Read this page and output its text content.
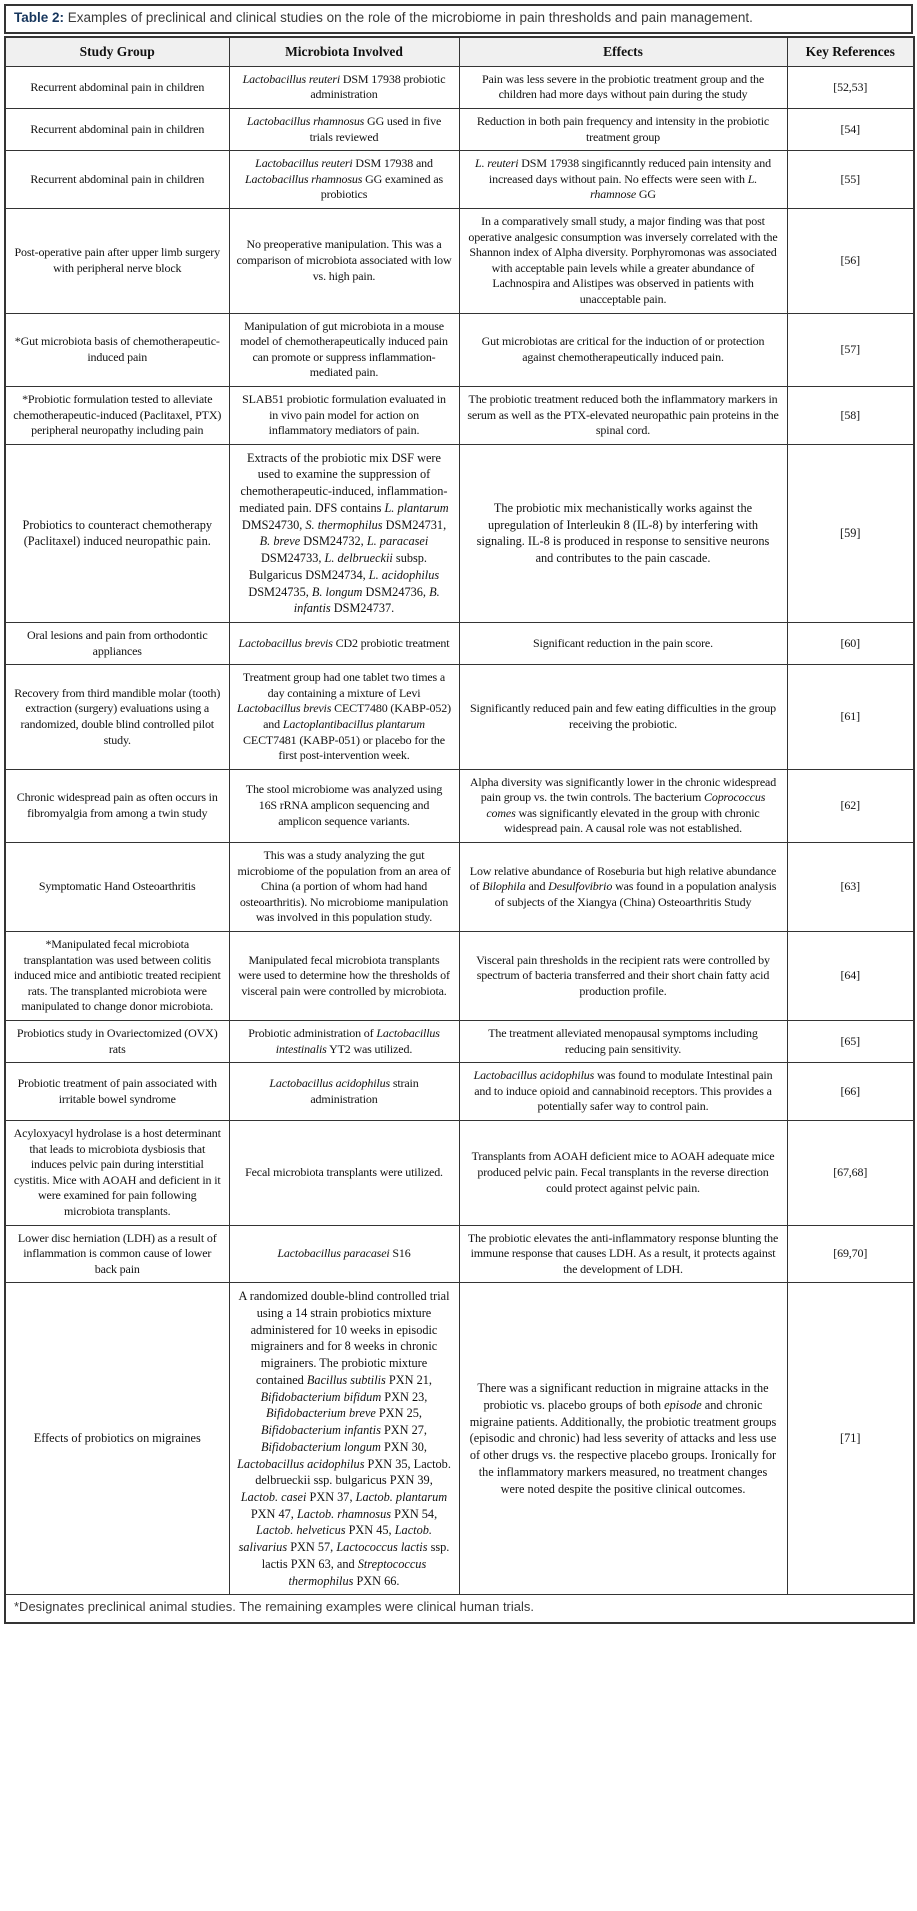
Table 2: Examples of preclinical and clinical studies on the role of the microbiome in pain thresholds and pain management.
Study Group	Microbiota Involved	Effects	Key References
Recurrent abdominal pain in children	Lactobacillus reuteri DSM 17938 probiotic administration	Pain was less severe in the probiotic treatment group and the children had more days without pain during the study	[52,53]
Recurrent abdominal pain in children	Lactobacillus rhamnosus GG used in five trials reviewed	Reduction in both pain frequency and intensity in the probiotic treatment group	[54]
Recurrent abdominal pain in children	Lactobacillus reuteri DSM 17938 and Lactobacillus rhamnosus GG examined as probiotics	L. reuteri DSM 17938 singificanntly reduced pain intensity and increased days without pain. No effects were seen with L. rhamnose GG	[55]
Post-operative pain after upper limb surgery with peripheral nerve block	No preoperative manipulation. This was a comparison of microbiota associated with low vs. high pain.	In a comparatively small study, a major finding was that post operative analgesic consumption was inversely correlated with the Shannon index of Alpha diversity. Porphyromonas was associated with acceptable pain levels while a greater abundance of Lachnospira and Alistipes was observed in patients with unacceptable pain.	[56]
*Gut microbiota basis of chemotherapeutic-induced pain	Manipulation of gut microbiota in a mouse model of chemotherapeutically induced pain can promote or suppress inflammation-mediated pain.	Gut microbiotas are critical for the induction of or protection against chemotherapeutically induced pain.	[57]
*Probiotic formulation tested to alleviate chemotherapeutic-induced (Paclitaxel, PTX) peripheral neuropathy including pain	SLAB51 probiotic formulation evaluated in in vivo pain model for action on inflammatory mediators of pain.	The probiotic treatment reduced both the inflammatory markers in serum as well as the PTX-elevated neuropathic pain proteins in the spinal cord.	[58]
Probiotics to counteract chemotherapy (Paclitaxel) induced neuropathic pain.	Extracts of the probiotic mix DSF were used to examine the suppression of chemotherapeutic-induced, inflammation-mediated pain. DFS contains L. plantarum DMS24730, S. thermophilus DSM24731, B. breve DSM24732, L. paracasei DSM24733, L. delbrueckii subsp. Bulgaricus DSM24734, L. acidophilus DSM24735, B. longum DSM24736, B. infantis DSM24737.	The probiotic mix mechanistically works against the upregulation of Interleukin 8 (IL-8) by interfering with signaling. IL-8 is produced in response to sensitive neurons and contributes to the pain cascade.	[59]
Oral lesions and pain from orthodontic appliances	Lactobacillus brevis CD2 probiotic treatment	Significant reduction in the pain score.	[60]
Recovery from third mandible molar (tooth) extraction (surgery) evaluations using a randomized, double blind controlled pilot study.	Treatment group had one tablet two times a day containing a mixture of Levi Lactobacillus brevis CECT7480 (KABP-052) and Lactoplantibacillus plantarum CECT7481 (KABP-051) or placebo for the first post-intervention week.	Significantly reduced pain and few eating difficulties in the group receiving the probiotic.	[61]
Chronic widespread pain as often occurs in fibromyalgia from among a twin study	The stool microbiome was analyzed using 16S rRNA amplicon sequencing and amplicon sequence variants.	Alpha diversity was significantly lower in the chronic widespread pain group vs. the twin controls. The bacterium Coprococcus comes was significantly elevated in the group with chronic widespread pain. A causal role was not established.	[62]
Symptomatic Hand Osteoarthritis	This was a study analyzing the gut microbiome of the population from an area of China (a portion of whom had hand osteoarthritis). No microbiome manipulation was involved in this population study.	Low relative abundance of Roseburia but high relative abundance of Bilophila and Desulfovibrio was found in a population analysis of subjects of the Xiangya (China) Osteoarthritis Study	[63]
*Manipulated fecal microbiota transplantation was used between colitis induced mice and antibiotic treated recipient rats. The transplanted microbiota were manipulated to change donor microbiota.	Manipulated fecal microbiota transplants were used to determine how the thresholds of visceral pain were controlled by microbiota.	Visceral pain thresholds in the recipient rats were controlled by spectrum of bacteria transferred and their short chain fatty acid production profile.	[64]
Probiotics study in Ovariectomized (OVX) rats	Probiotic administration of Lactobacillus intestinalis YT2 was utilized.	The treatment alleviated menopausal symptoms including reducing pain sensitivity.	[65]
Probiotic treatment of pain associated with irritable bowel syndrome	Lactobacillus acidophilus strain administration	Lactobacillus acidophilus was found to modulate Intestinal pain and to induce opioid and cannabinoid receptors. This provides a potentially safer way to control pain.	[66]
Acyloxyacyl hydrolase is a host determinant that leads to microbiota dysbiosis that induces pelvic pain during interstitial cystitis. Mice with AOAH and deficient in it were examined for pain following microbiota transplants.	Fecal microbiota transplants were utilized.	Transplants from AOAH deficient mice to AOAH adequate mice produced pelvic pain. Fecal transplants in the reverse direction could protect against pelvic pain.	[67,68]
Lower disc herniation (LDH) as a result of inflammation is common cause of lower back pain	Lactobacillus paracasei S16	The probiotic elevates the anti-inflammatory response blunting the immune response that causes LDH. As a result, it protects against the development of LDH.	[69,70]
Effects of probiotics on migraines	A randomized double-blind controlled trial using a 14 strain probiotics mixture administered for 10 weeks in episodic migrainers and for 8 weeks in chronic migrainers. The probiotic mixture contained Bacillus subtilis PXN 21, Bifidobacterium bifidum PXN 23, Bifidobacterium breve PXN 25, Bifidobacterium infantis PXN 27, Bifidobacterium longum PXN 30, Lactobacillus acidophilus PXN 35, Lactob. delbrueckii ssp. bulgaricus PXN 39, Lactob. casei PXN 37, Lactob. plantarum PXN 47, Lactob. rhamnosus PXN 54, Lactob. helveticus PXN 45, Lactob. salivarius PXN 57, Lactococcus lactis ssp. lactis PXN 63, and Streptococcus thermophilus PXN 66.	There was a significant reduction in migraine attacks in the probiotic vs. placebo groups of both episode and chronic migraine patients. Additionally, the probiotic treatment groups (episodic and chronic) had less severity of attacks and less use of other drugs vs. the respective placebo groups. Ironically for the inflammatory markers measured, no treatment changes were noted despite the positive clinical outcomes.	[71]
*Designates preclinical animal studies. The remaining examples were clinical human trials.			
